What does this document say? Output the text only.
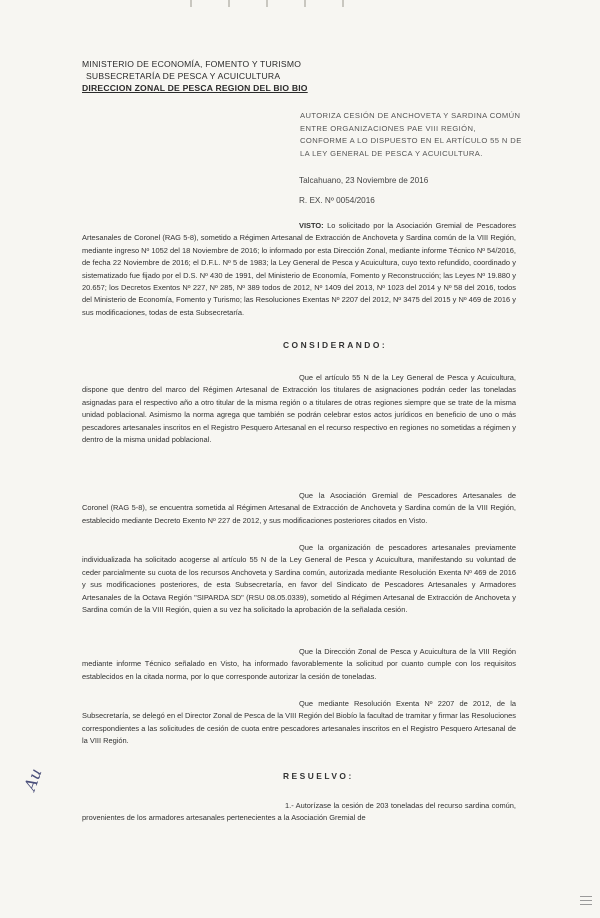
MINISTERIO DE ECONOMÍA, FOMENTO Y TURISMO
SUBSECRETARÍA DE PESCA Y ACUICULTURA
DIRECCION ZONAL DE PESCA REGION DEL BIO BIO
AUTORIZA CESIÓN DE ANCHOVETA Y SARDINA COMÚN ENTRE ORGANIZACIONES PAE VIII REGIÓN, CONFORME A LO DISPUESTO EN EL ARTÍCULO 55 N DE LA LEY GENERAL DE PESCA Y ACUICULTURA.
Talcahuano, 23 Noviembre de 2016
R. EX. Nº 0054/2016
VISTO: Lo solicitado por la Asociación Gremial de Pescadores Artesanales de Coronel (RAG 5-8), sometido a Régimen Artesanal de Extracción de Anchoveta y Sardina común de la VIII Región, mediante ingreso Nº 1052 del 18 Noviembre de 2016; lo informado por esta Dirección Zonal, mediante informe Técnico Nº 54/2016, de fecha 22 Noviembre de 2016; el D.F.L. Nº 5 de 1983; la Ley General de Pesca y Acuicultura, cuyo texto refundido, coordinado y sistematizado fue fijado por el D.S. Nº 430 de 1991, del Ministerio de Economía, Fomento y Reconstrucción; las Leyes Nº 19.880 y 20.657; los Decretos Exentos Nº 227, Nº 285, Nº 389 todos de 2012, Nº 1409 del 2013, Nº 1023 del 2014 y Nº 58 del 2016, todos del Ministerio de Economía, Fomento y Turismo; las Resoluciones Exentas Nº 2207 del 2012, Nº 3475 del 2015 y Nº 469 de 2016 y sus modificaciones, todas de esta Subsecretaría.
CONSIDERANDO:
Que el artículo 55 N de la Ley General de Pesca y Acuicultura, dispone que dentro del marco del Régimen Artesanal de Extracción los titulares de asignaciones podrán ceder las toneladas asignadas para el respectivo año a otro titular de la misma región o a titulares de otras regiones siempre que se trate de la misma unidad poblacional. Asimismo la norma agrega que también se podrán celebrar estos actos jurídicos en beneficio de uno o más pescadores artesanales inscritos en el Registro Pesquero Artesanal en el recurso respectivo en regiones no sometidas a régimen y dentro de la misma unidad poblacional.
Que la Asociación Gremial de Pescadores Artesanales de Coronel (RAG 5-8), se encuentra sometida al Régimen Artesanal de Extracción de Anchoveta y Sardina común de la VIII Región, establecido mediante Decreto Exento Nº 227 de 2012, y sus modificaciones posteriores citados en Visto.
Que la organización de pescadores artesanales previamente individualizada ha solicitado acogerse al artículo 55 N de la Ley General de Pesca y Acuicultura, manifestando su voluntad de ceder parcialmente su cuota de los recursos Anchoveta y Sardina común, autorizada mediante Resolución Exenta Nº 469 de 2016 y sus modificaciones posteriores, de esta Subsecretaría, en favor del Sindicato de Pescadores Artesanales y Armadores Artesanales de la Octava Región "SIPARDA SD" (RSU 08.05.0339), sometido al Régimen Artesanal de Extracción de Anchoveta y Sardina común de la VIII Región, quien a su vez ha solicitado la aprobación de la señalada cesión.
Que la Dirección Zonal de Pesca y Acuicultura de la VIII Región mediante informe Técnico señalado en Visto, ha informado favorablemente la solicitud por cuanto cumple con los requisitos establecidos en la citada norma, por lo que corresponde autorizar la cesión de toneladas.
Que mediante Resolución Exenta Nº 2207 de 2012, de la Subsecretaría, se delegó en el Director Zonal de Pesca de la VIII Región del Biobío la facultad de tramitar y firmar las Resoluciones correspondientes a las solicitudes de cesión de cuota entre pescadores artesanales inscritos en el Registro Pesquero Artesanal de la VIII Región.
RESUELVO:
1.- Autorízase la cesión de 203 toneladas del recurso sardina común, provenientes de los armadores artesanales pertenecientes a la Asociación Gremial de
Au
